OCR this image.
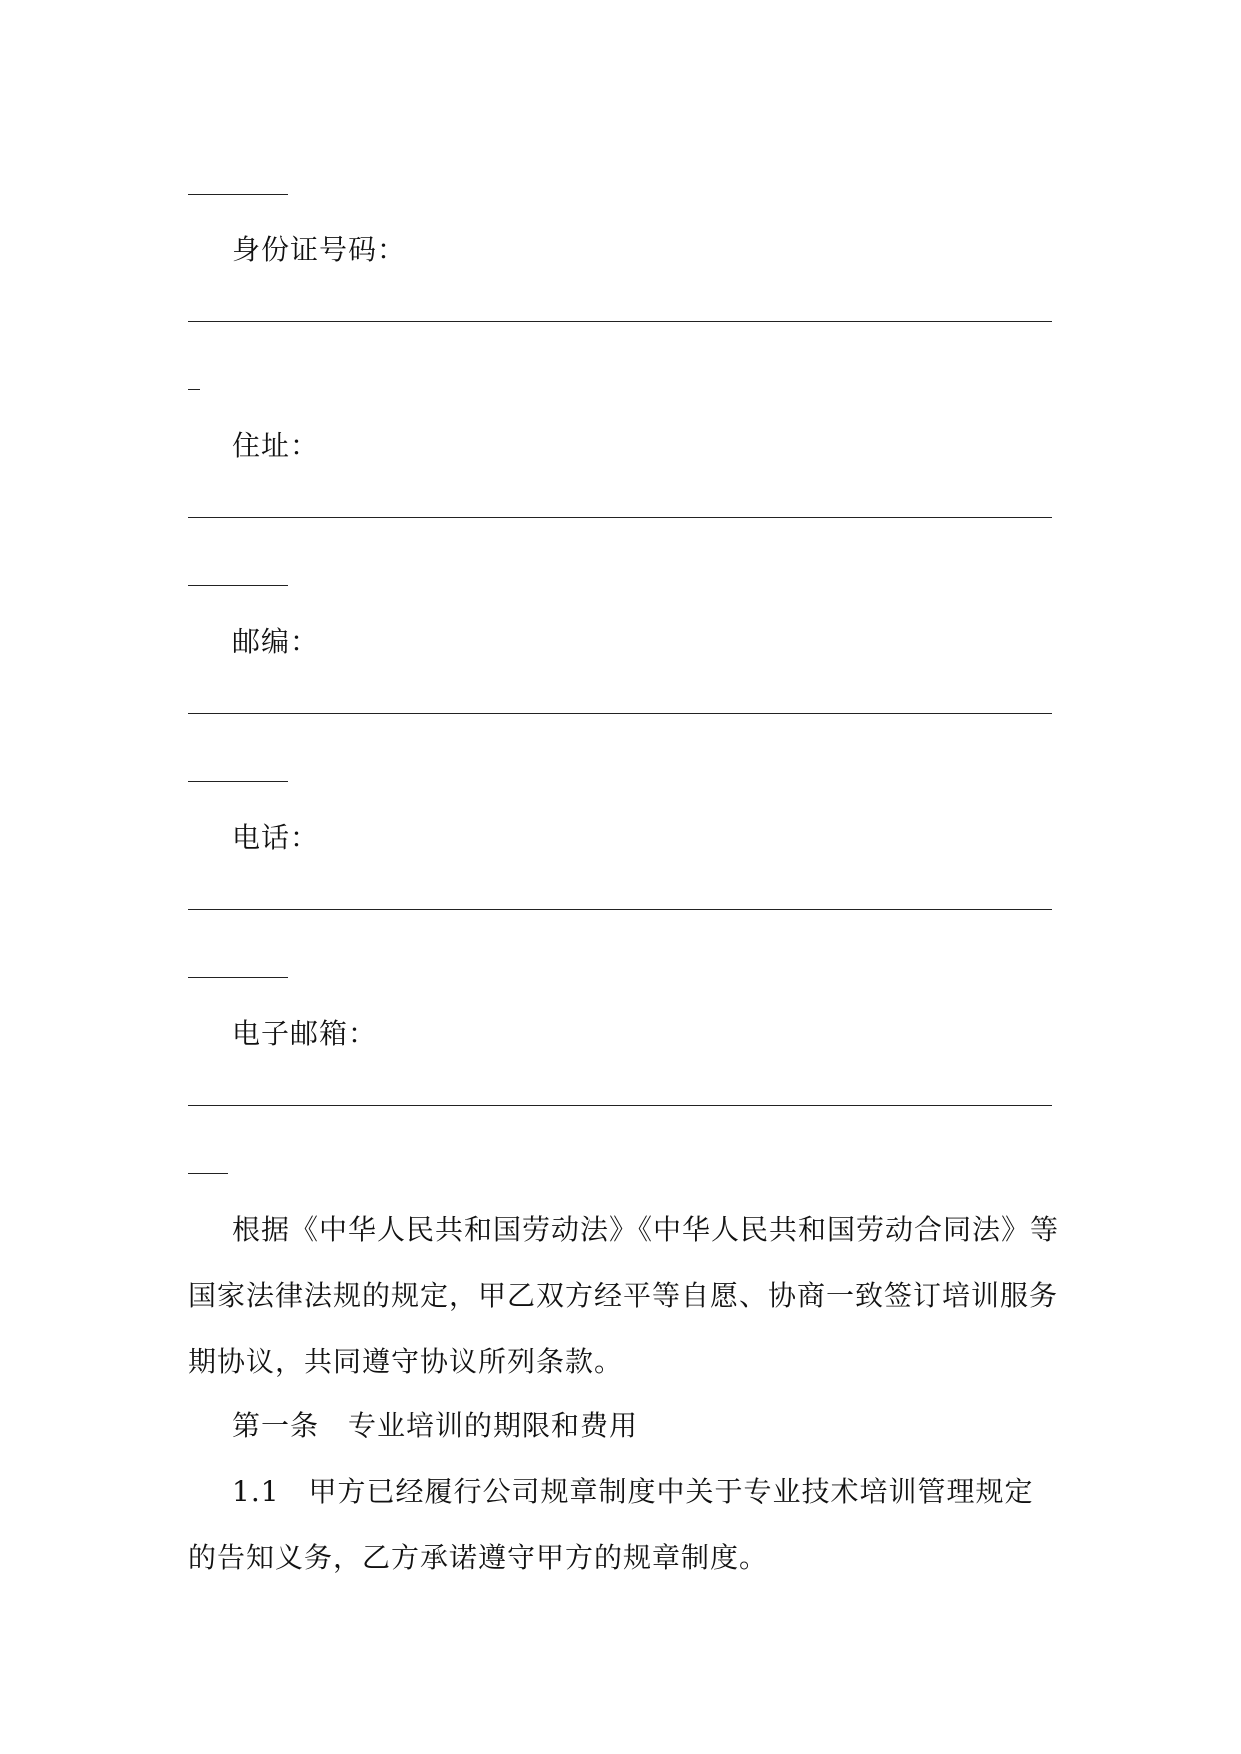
身份证号码：
住址：
邮编：
电话：
电子邮箱：
根据《中华人民共和国劳动法》《中华人民共和国劳动合同法》等
国家法律法规的规定，甲乙双方经平等自愿、协商一致签订培训服务
期协议，共同遵守协议所列条款。
第一条　专业培训的期限和费用
1.1　甲方已经履行公司规章制度中关于专业技术培训管理规定
的告知义务，乙方承诺遵守甲方的规章制度。
